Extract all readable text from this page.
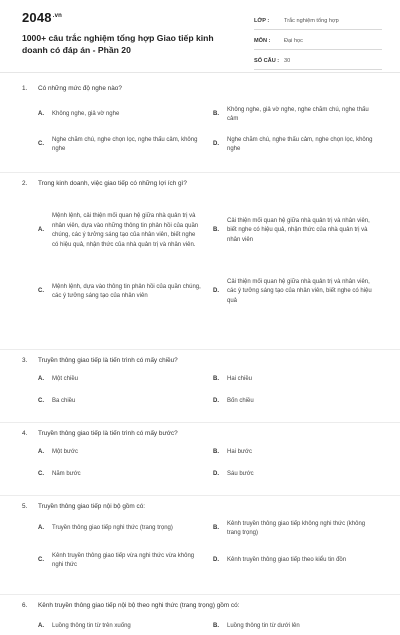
$2048^{.vn}$
1000+ câu trắc nghiệm tổng hợp Giao tiếp kinh doanh có đáp án - Phần 20
LỚP :	Trắc nghiệm tổng hợp
MÔN :	Đại học
SỐ CÂU : 30
1.	Có những mức độ nghe nào?
A.	Không nghe, giả vờ nghe	B.
Không nghe, giả vờ nghe, nghe chăm chú, nghe thấu cảm
C.
Nghe chăm chú, nghe chọn lọc, nghe thấu cảm, không nghe
D.
Nghe chăm chú, nghe thấu cảm, nghe chọn lọc, không nghe
2.	Trong kinh doanh, việc giao tiếp có những lợi ích gì?
A.
Mệnh lệnh, cải thiện mối quan hệ giữa nhà quản trị và nhân viên, dựa vào những thông tin phản hồi của quần chúng, các ý tưởng sáng tạo của nhân viên, biết nghe có hiệu quả, nhận thức của nhà quản trị và nhân viên.
B.
Cải thiện mối quan hệ giữa nhà quản trị và nhân viên, biết nghe có hiệu quả, nhận thức của nhà quản trị và nhân viên
C.
Mệnh lệnh, dựa vào thông tin phản hồi của quần chúng, các ý tưởng sáng tạo của nhân viên
D.
Cải thiện mối quan hệ giữa nhà quản trị và nhân viên, các ý tưởng sáng tạo của nhân viên, biết nghe có hiệu quả
3.	Truyền thông giao tiếp là tiến trình có mấy chiều?
A.	Một chiều	B.	Hai chiều
C.	Ba chiều	D.	Bốn chiều
4.	Truyền thông giao tiếp là tiến trình có mấy bước?
A.	Một bước	B.	Hai bước
C.	Năm bước	D.	Sáu bước
5.	Truyền thông giao tiếp nội bộ gồm có:
A.	Truyền thông giao tiếp nghi thức (trang trọng)	B.
Kênh truyền thông giao tiếp không nghi thức (không trang trọng)
C.
Kênh truyền thông giao tiếp vừa nghi thức vừa không nghi thức
D.	Kênh truyền thông giao tiếp theo kiểu tin đồn
6.	Kênh truyền thông giao tiếp nội bộ theo nghi thức (trang trọng) gồm có:
A.	Luồng thông tin từ trên xuống	B.	Luồng thông tin từ dưới lên
